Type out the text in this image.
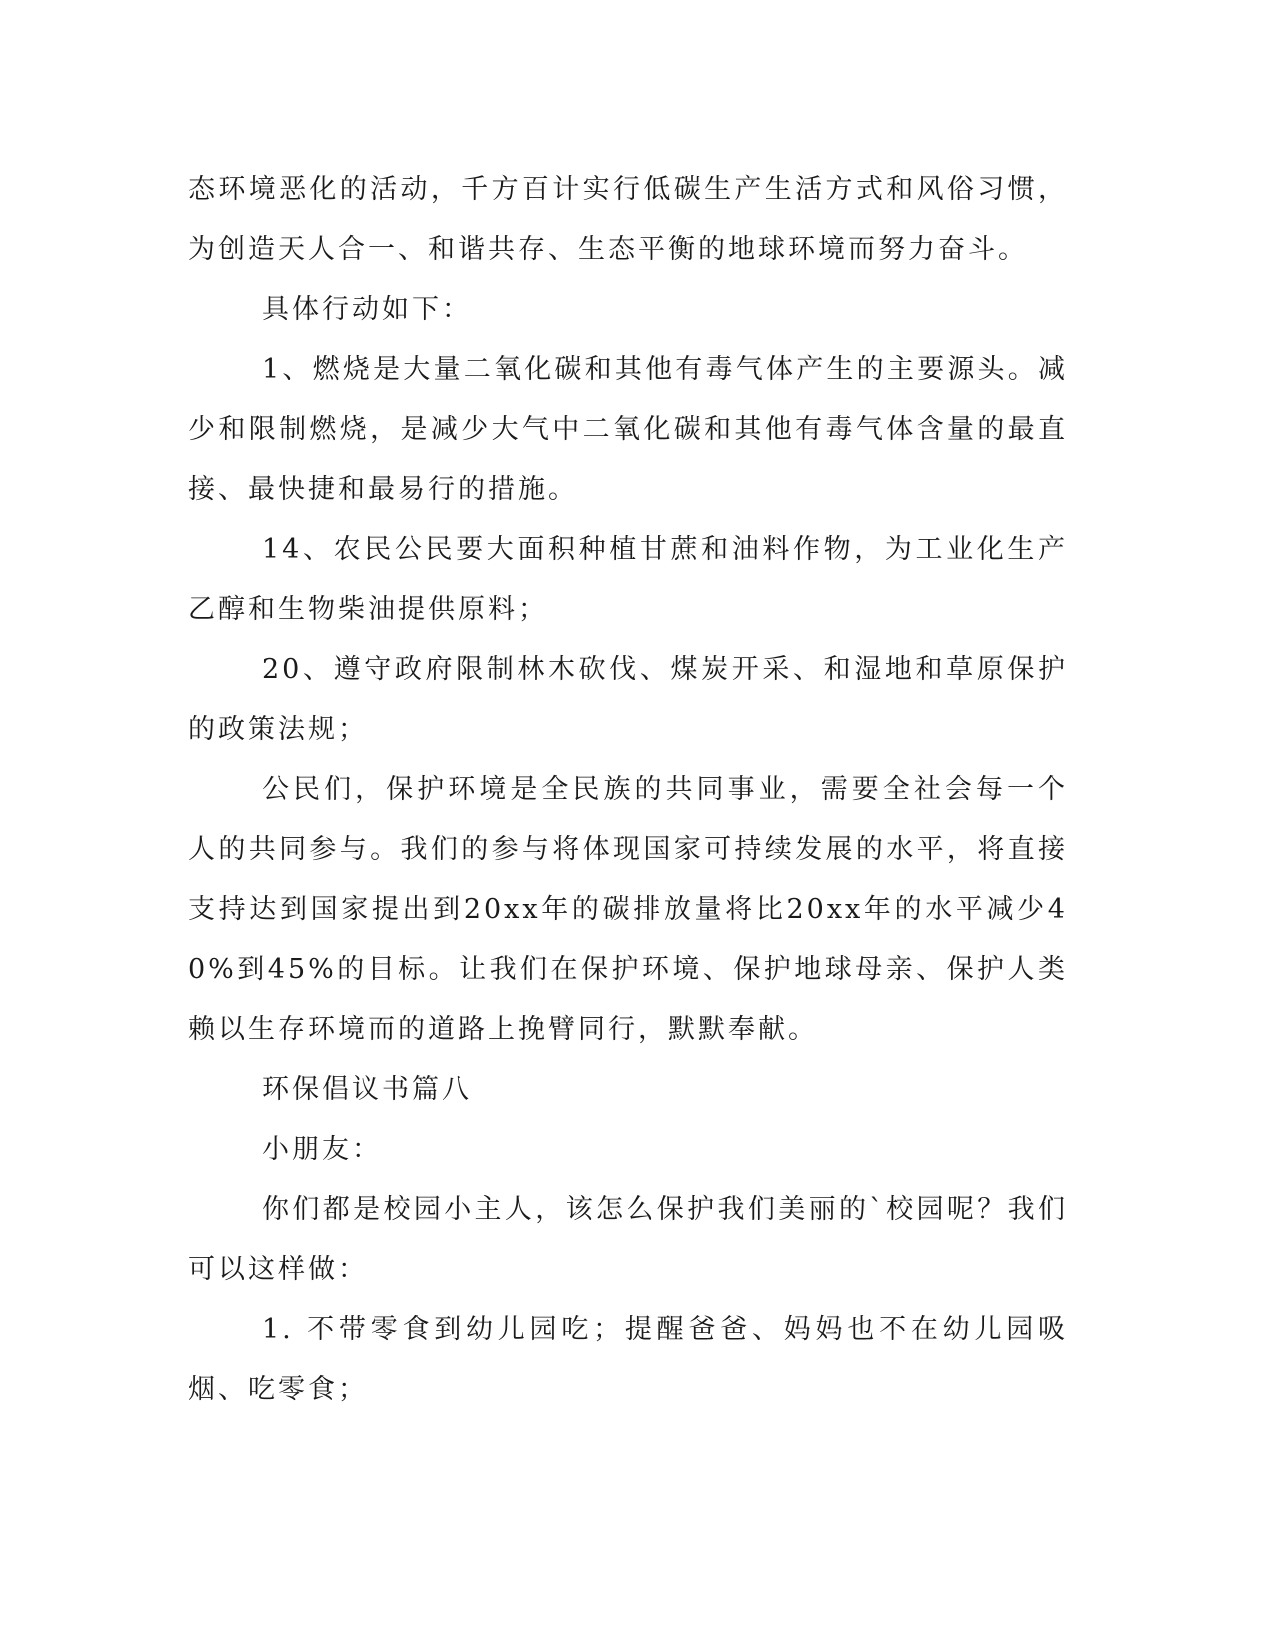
态环境恶化的活动，千方百计实行低碳生产生活方式和风俗习惯，为创造天人合一、和谐共存、生态平衡的地球环境而努力奋斗。

具体行动如下：

1、燃烧是大量二氧化碳和其他有毒气体产生的主要源头。减少和限制燃烧，是减少大气中二氧化碳和其他有毒气体含量的最直接、最快捷和最易行的措施。

14、农民公民要大面积种植甘蔗和油料作物，为工业化生产乙醇和生物柴油提供原料；

20、遵守政府限制林木砍伐、煤炭开采、和湿地和草原保护的政策法规；

公民们，保护环境是全民族的共同事业，需要全社会每一个人的共同参与。我们的参与将体现国家可持续发展的水平，将直接支持达到国家提出到20xx年的碳排放量将比20xx年的水平减少40%到45%的目标。让我们在保护环境、保护地球母亲、保护人类赖以生存环境而的道路上挽臂同行，默默奉献。

环保倡议书篇八

小朋友：

你们都是校园小主人，该怎么保护我们美丽的`校园呢？我们可以这样做：

1. 不带零食到幼儿园吃；提醒爸爸、妈妈也不在幼儿园吸烟、吃零食；
